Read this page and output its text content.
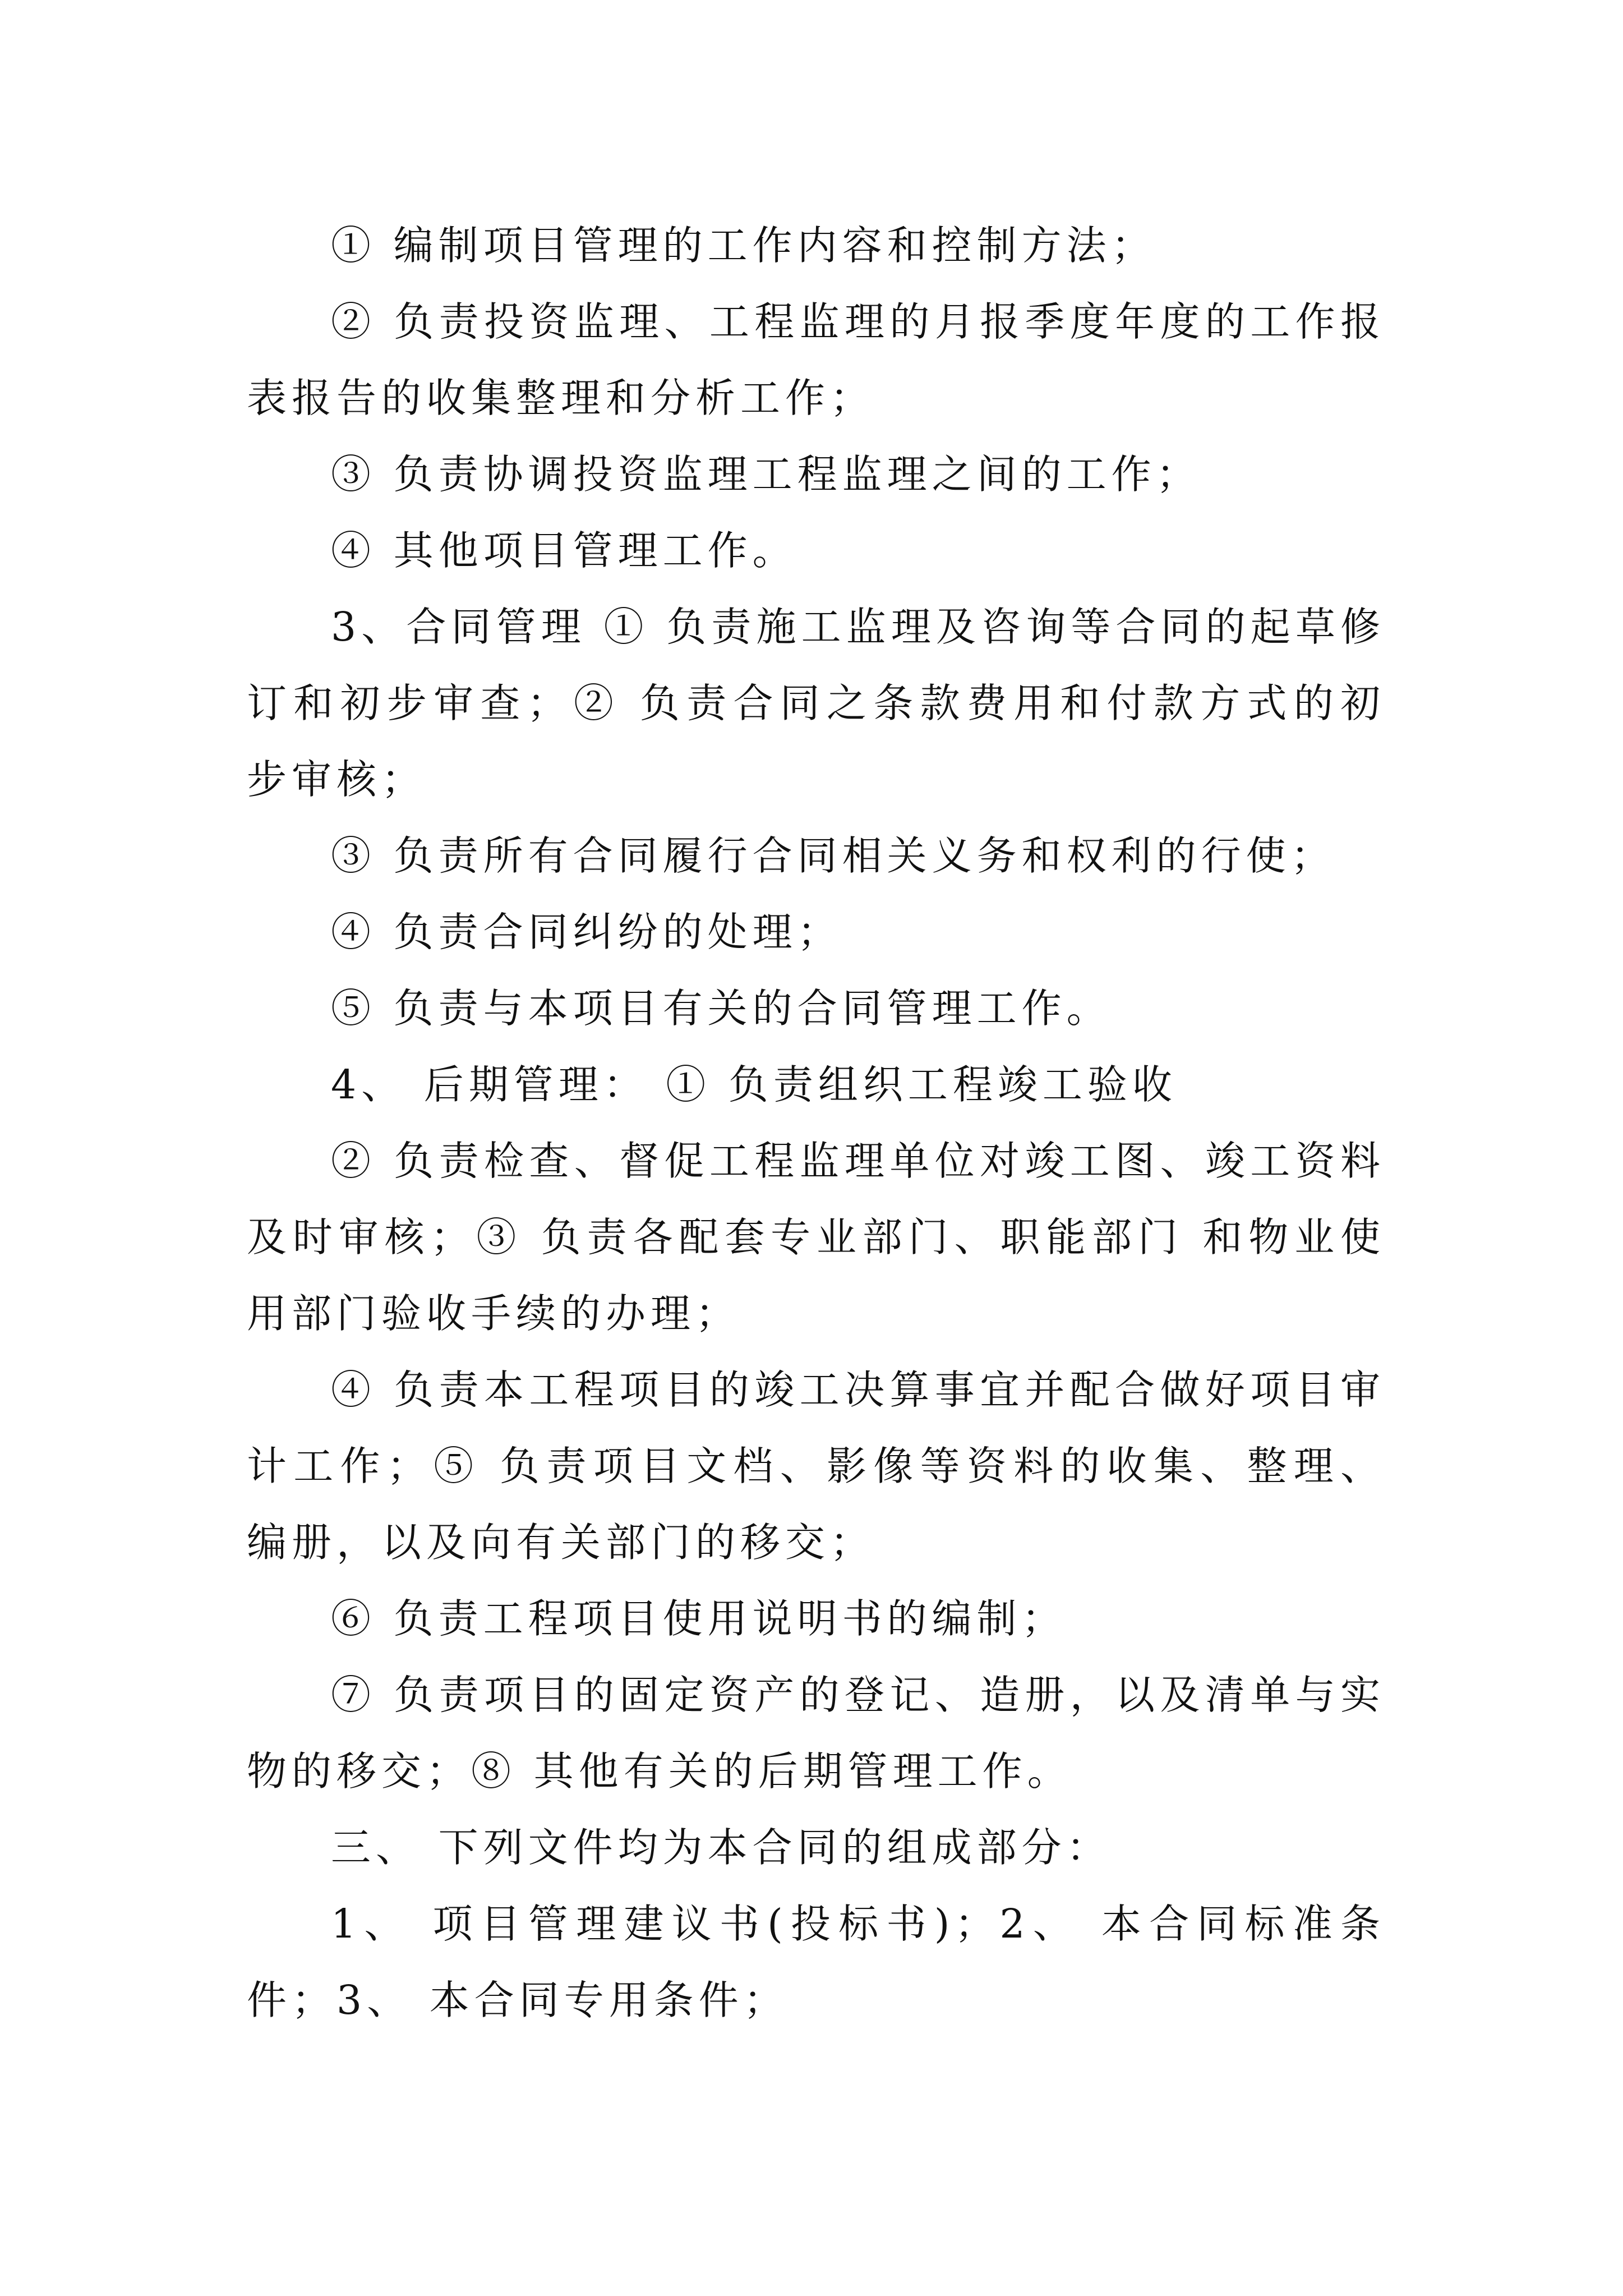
① 编制项目管理的工作内容和控制方法；

② 负责投资监理、工程监理的月报季度年度的工作报表报告的收集整理和分析工作；

③ 负责协调投资监理工程监理之间的工作；

④ 其他项目管理工作。

3、合同管理 ① 负责施工监理及咨询等合同的起草修订和初步审查；② 负责合同之条款费用和付款方式的初步审核；

③ 负责所有合同履行合同相关义务和权利的行使；

④ 负责合同纠纷的处理；

⑤ 负责与本项目有关的合同管理工作。

4、 后期管理： ① 负责组织工程竣工验收

② 负责检查、督促工程监理单位对竣工图、竣工资料及时审核；③ 负责各配套专业部门、职能部门 和物业使用部门验收手续的办理；

④ 负责本工程项目的竣工决算事宜并配合做好项目审计工作；⑤ 负责项目文档、影像等资料的收集、整理、编册，以及向有关部门的移交；

⑥ 负责工程项目使用说明书的编制；

⑦ 负责项目的固定资产的登记、造册，以及清单与实物的移交；⑧ 其他有关的后期管理工作。

三、 下列文件均为本合同的组成部分：

1、 项目管理建议书(投标书)；2、 本合同标准条件；3、 本合同专用条件；
